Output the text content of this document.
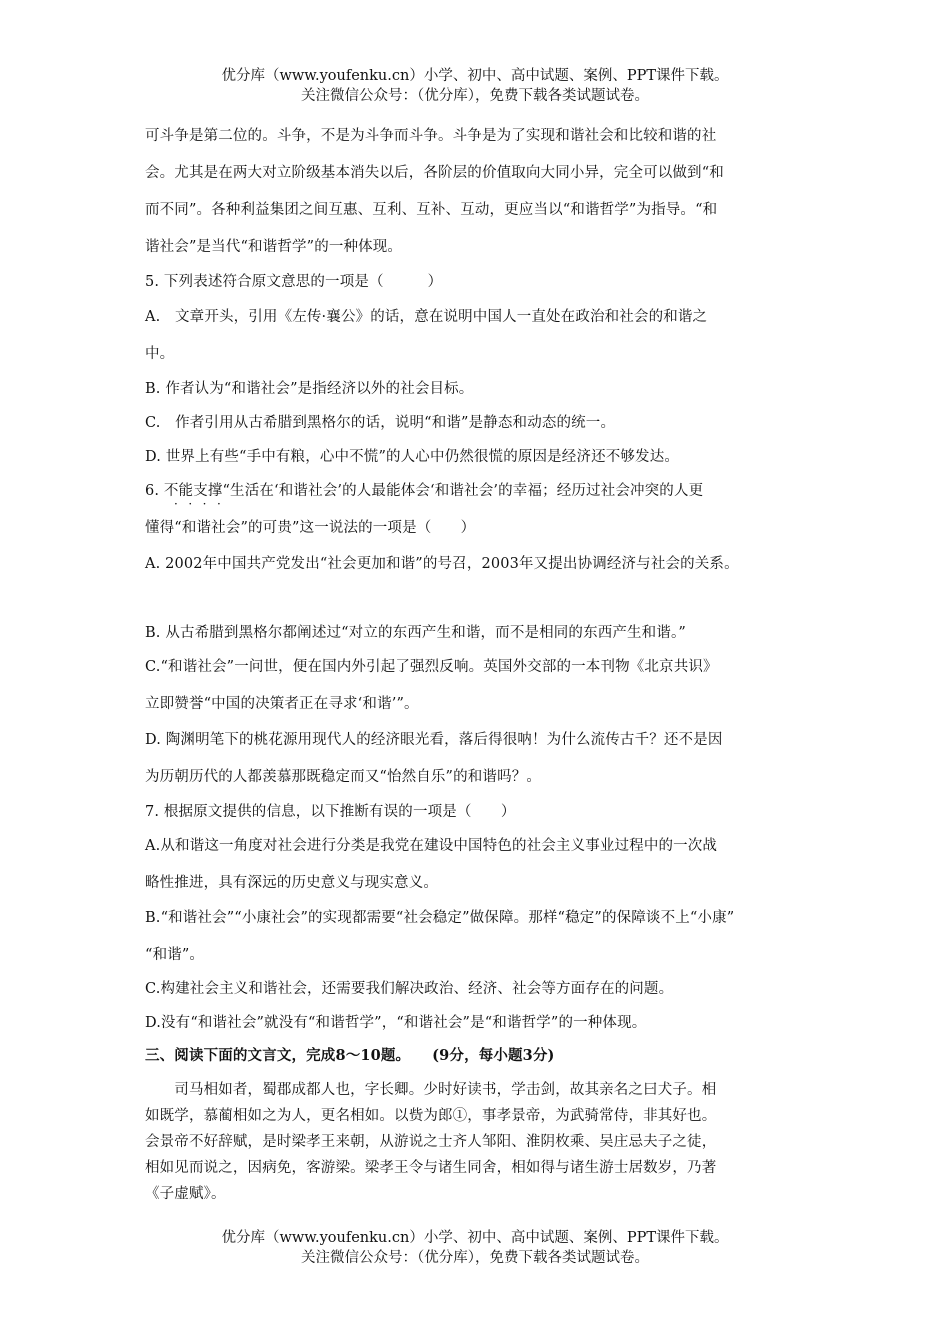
优分库（www.youfenku.cn）小学、初中、高中试题、案例、PPT课件下载。
关注微信公众号：（优分库），免费下载各类试题试卷。
可斗争是第二位的。斗争，不是为斗争而斗争。斗争是为了实现和谐社会和比较和谐的社
会。尤其是在两大对立阶级基本消失以后，各阶层的价值取向大同小异，完全可以做到“和
而不同”。各种利益集团之间互惠、互利、互补、互动，更应当以“和谐哲学”为指导。“和
谐社会”是当代“和谐哲学”的一种体现。
5. 下列表述符合原文意思的一项是（　　　）
A.　文章开头，引用《左传·襄公》的话，意在说明中国人一直处在政治和社会的和谐之
中。
B. 作者认为“和谐社会”是指经济以外的社会目标。
C.　作者引用从古希腊到黑格尔的话，说明“和谐”是静态和动态的统一。
D. 世界上有些“手中有粮，心中不慌”的人心中仍然很慌的原因是经济还不够发达。
6. 不能支撑“生活在‘和谐社会’的人最能体会‘和谐社会’的幸福；经历过社会冲突的人更
····
懂得“和谐社会”的可贵”这一说法的一项是（　　）
A. 2002年中国共产党发出“社会更加和谐”的号召，2003年又提出协调经济与社会的关系。
B. 从古希腊到黑格尔都阐述过“对立的东西产生和谐，而不是相同的东西产生和谐。”
C.“和谐社会”一问世，便在国内外引起了强烈反响。英国外交部的一本刊物《北京共识》
立即赞誉“中国的决策者正在寻求‘和谐’”。
D. 陶渊明笔下的桃花源用现代人的经济眼光看，落后得很呐！为什么流传古千？还不是因
为历朝历代的人都羡慕那既稳定而又“怡然自乐”的和谐吗？。
7. 根据原文提供的信息，以下推断有误的一项是（　　）
A.从和谐这一角度对社会进行分类是我党在建设中国特色的社会主义事业过程中的一次战
略性推进，具有深远的历史意义与现实意义。
B.“和谐社会”“小康社会”的实现都需要“社会稳定”做保障。那样“稳定”的保障谈不上“小康”
“和谐”。
C.构建社会主义和谐社会，还需要我们解决政治、经济、社会等方面存在的问题。
D.没有“和谐社会”就没有“和谐哲学”，“和谐社会”是“和谐哲学”的一种体现。
三、阅读下面的文言文，完成8～10题。　　(9分，每小题3分)
　　司马相如者，蜀郡成都人也，字长卿。少时好读书，学击剑，故其亲名之曰犬子。相
如既学，慕蔺相如之为人，更名相如。以赀为郎①，事孝景帝，为武骑常侍，非其好也。
会景帝不好辞赋，是时梁孝王来朝，从游说之士齐人邹阳、淮阴枚乘、吴庄忌夫子之徒，
相如见而说之，因病免，客游梁。梁孝王令与诸生同舍，相如得与诸生游士居数岁，乃著
《子虚赋》。
优分库（www.youfenku.cn）小学、初中、高中试题、案例、PPT课件下载。
关注微信公众号：（优分库），免费下载各类试题试卷。
